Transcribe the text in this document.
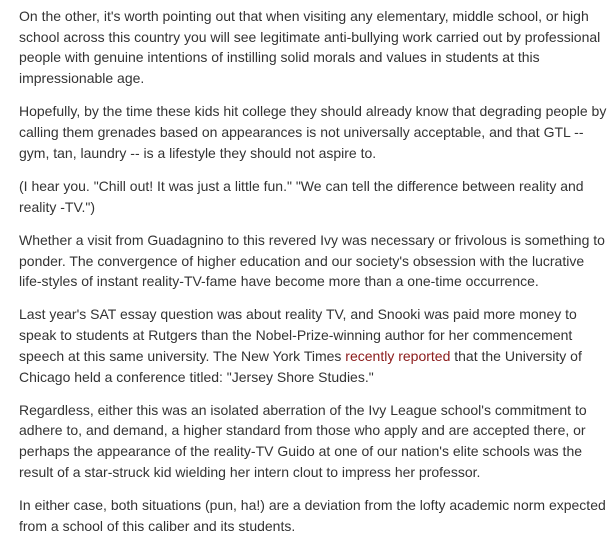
On the other, it's worth pointing out that when visiting any elementary, middle school, or high school across this country you will see legitimate anti-bullying work carried out by professional people with genuine intentions of instilling solid morals and values in students at this impressionable age.

Hopefully, by the time these kids hit college they should already know that degrading people by calling them grenades based on appearances is not universally acceptable, and that GTL -- gym, tan, laundry -- is a lifestyle they should not aspire to.

(I hear you. "Chill out! It was just a little fun." "We can tell the difference between reality and reality -TV.")

Whether a visit from Guadagnino to this revered Ivy was necessary or frivolous is something to ponder. The convergence of higher education and our society's obsession with the lucrative life-styles of instant reality-TV-fame have become more than a one-time occurrence.

Last year's SAT essay question was about reality TV, and Snooki was paid more money to speak to students at Rutgers than the Nobel-Prize-winning author for her commencement speech at this same university. The New York Times recently reported that the University of Chicago held a conference titled: "Jersey Shore Studies."

Regardless, either this was an isolated aberration of the Ivy League school's commitment to adhere to, and demand, a higher standard from those who apply and are accepted there, or perhaps the appearance of the reality-TV Guido at one of our nation's elite schools was the result of a star-struck kid wielding her intern clout to impress her professor.

In either case, both situations (pun, ha!) are a deviation from the lofty academic norm expected from a school of this caliber and its students.
